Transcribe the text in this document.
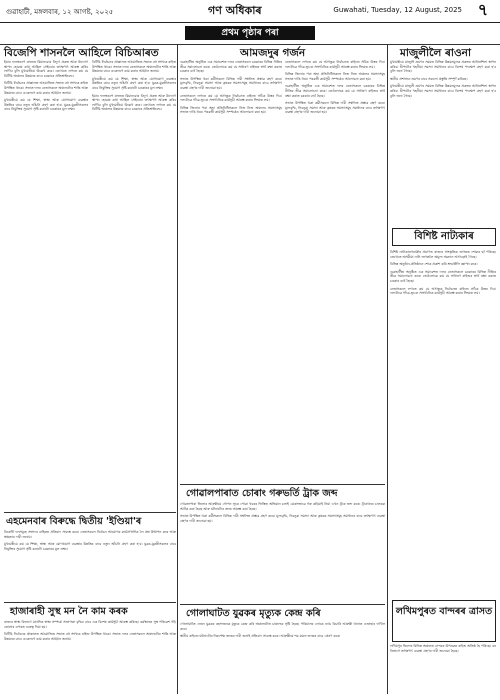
গুৱাহাটী, মঙ্গলবাৰ, ১২ আগষ্ট, ২০২৫	গণ অধিকাৰ	Guwahati, Tuesday, 12 August, 2025 ৭
প্ৰথম পৃষ্ঠাৰ পৰা
বিজেপি শাসনলৈ আহিলে বিচিআৰত

ইয়াৰ ফলস্বৰূপে ৰাজ্যত যিমানবোৰ বিদ্যুৎ প্ৰকল্প আৰু উদ্যোগ স্থাপন হোৱাৰ কথা আছিল সেইবোৰ তৎক্ষণাৎ আৰম্ভ কৰিব লাগিব বুলি মুখ্যমন্ত্ৰীয়ে উল্লেখ কৰে। তেখেতে লগতে কয় যে বিটিচি অঞ্চলৰ উন্নয়নৰ বাবে চৰকাৰে প্ৰতিশ্ৰুতিবদ্ধ।

বিটিচি নিৰ্বাচনৰ প্ৰাক্কালত আয়োজিত সভাত বহু সংখ্যক ৰাইজ উপস্থিত থাকে। সভাত দলৰ নেতাসকলে অঞ্চলটোৰ শান্তি আৰু উন্নয়নৰ বাবে একেলগে কাম কৰাৰ আহ্বান জনায়।

মুখ্যমন্ত্ৰীয়ে কয় যে শিক্ষা, স্বাস্থ্য আৰু যোগাযোগ ব্যৱস্থাৰ উন্নতিৰ বাবে নতুন আঁচনি গ্ৰহণ কৰা হ'ব। যুৱক-যুৱতীসকলৰ বাবে নিযুক্তিৰ সুযোগ সৃষ্টি কৰাটো চৰকাৰৰ মূল লক্ষ্য।

বিটিচি নিৰ্বাচনৰ প্ৰাক্কালত আয়োজিত সভাত বহু সংখ্যক ৰাইজ উপস্থিত থাকে। সভাত দলৰ নেতাসকলে অঞ্চলটোৰ শান্তি আৰু উন্নয়নৰ বাবে একেলগে কাম কৰাৰ আহ্বান জনায়।

মুখ্যমন্ত্ৰীয়ে কয় যে শিক্ষা, স্বাস্থ্য আৰু যোগাযোগ ব্যৱস্থাৰ উন্নতিৰ বাবে নতুন আঁচনি গ্ৰহণ কৰা হ'ব। যুৱক-যুৱতীসকলৰ বাবে নিযুক্তিৰ সুযোগ সৃষ্টি কৰাটো চৰকাৰৰ মূল লক্ষ্য।

ইয়াৰ ফলস্বৰূপে ৰাজ্যত যিমানবোৰ বিদ্যুৎ প্ৰকল্প আৰু উদ্যোগ স্থাপন হোৱাৰ কথা আছিল সেইবোৰ তৎক্ষণাৎ আৰম্ভ কৰিব লাগিব বুলি মুখ্যমন্ত্ৰীয়ে উল্লেখ কৰে। তেখেতে লগতে কয় যে বিটিচি অঞ্চলৰ উন্নয়নৰ বাবে চৰকাৰে প্ৰতিশ্ৰুতিবদ্ধ।

এহমেনবাৰ বিৰুদ্ধে দ্বিতীয় 'ইণ্ডিয়া'ৰ

বিৰোধী দলসমূহে সংসদৰ বাহিৰত প্ৰতিবাদ সাব্যস্ত কৰে। নেতাসকলে নিৰ্বাচন আয়োগৰ কাৰ্যপ্ৰণালীক লৈ প্ৰশ্ন উত্থাপন কৰে আৰু স্বচ্ছতাৰ দাবী জনায়।

মুখ্যমন্ত্ৰীয়ে কয় যে শিক্ষা, স্বাস্থ্য আৰু যোগাযোগ ব্যৱস্থাৰ উন্নতিৰ বাবে নতুন আঁচনি গ্ৰহণ কৰা হ'ব। যুৱক-যুৱতীসকলৰ বাবে নিযুক্তিৰ সুযোগ সৃষ্টি কৰাটো চৰকাৰৰ মূল লক্ষ্য।

হাজাৰাহী সুস্থ মন নৈ কাম কৰক

ৰাজ্যৰ স্বাস্থ্য বিভাগে মানসিক স্বাস্থ্য সম্পৰ্কে সজাগতা বৃদ্ধিৰ বাবে এক বিশেষ কাৰ্যসূচী আৰম্ভ কৰিছে। কৰ্মস্থানত সুস্থ পৰিৱেশ গঢ়ি তোলাৰ ওপৰত গুৰুত্ব দিয়া হয়।

বিটিচি নিৰ্বাচনৰ প্ৰাক্কালত আয়োজিত সভাত বহু সংখ্যক ৰাইজ উপস্থিত থাকে। সভাত দলৰ নেতাসকলে অঞ্চলটোৰ শান্তি আৰু উন্নয়নৰ বাবে একেলগে কাম কৰাৰ আহ্বান জনায়।

আমজদুৰ গৰ্জন

গুৱাহাটীত অনুষ্ঠিত এক সমাবেশত দলৰ নেতাসকলে চৰকাৰৰ বিভিন্ন নীতিৰ তীব্ৰ সমালোচনা কৰে। তেওঁলোকে কয় যে সাধাৰণ ৰাইজৰ স্বাৰ্থ ৰক্ষা কৰাত চৰকাৰ ব্যৰ্থ হৈছে।

সভাত উপস্থিত থকা কৰ্মীসকলে বিভিন্ন দাবী সম্বলিত প্ৰস্তাৱ গ্ৰহণ কৰে। মূল্যবৃদ্ধি, নিবনুৱা সমস্যা আৰু কৃষকৰ সমস্যাসমূহ সমাধানৰ বাবে তৎক্ষণাৎ ব্যৱস্থা গ্ৰহণৰ দাবী জনোৱা হয়।

নেতাসকলে লগতে কয় যে আগন্তুক নিৰ্বাচনত ৰাইজে সঠিক উত্তৰ দিব। দলটোৱে গাঁৱে-ভূঞে সাংগঠনিক কাৰ্যসূচী আৰম্ভ কৰাৰ সিদ্ধান্ত লয়।

বিভিন্ন জিলাৰ পৰা অহা প্ৰতিনিধিসকলে নিজ নিজ অঞ্চলৰ সমস্যাসমূহ সভাত দাঙি ধৰে। পৰৱৰ্তী কাৰ্যসূচী সম্পৰ্কেও আলোচনা কৰা হয়।

নেতাসকলে লগতে কয় যে আগন্তুক নিৰ্বাচনত ৰাইজে সঠিক উত্তৰ দিব। দলটোৱে গাঁৱে-ভূঞে সাংগঠনিক কাৰ্যসূচী আৰম্ভ কৰাৰ সিদ্ধান্ত লয়।

বিভিন্ন জিলাৰ পৰা অহা প্ৰতিনিধিসকলে নিজ নিজ অঞ্চলৰ সমস্যাসমূহ সভাত দাঙি ধৰে। পৰৱৰ্তী কাৰ্যসূচী সম্পৰ্কেও আলোচনা কৰা হয়।

গুৱাহাটীত অনুষ্ঠিত এক সমাবেশত দলৰ নেতাসকলে চৰকাৰৰ বিভিন্ন নীতিৰ তীব্ৰ সমালোচনা কৰে। তেওঁলোকে কয় যে সাধাৰণ ৰাইজৰ স্বাৰ্থ ৰক্ষা কৰাত চৰকাৰ ব্যৰ্থ হৈছে।

সভাত উপস্থিত থকা কৰ্মীসকলে বিভিন্ন দাবী সম্বলিত প্ৰস্তাৱ গ্ৰহণ কৰে। মূল্যবৃদ্ধি, নিবনুৱা সমস্যা আৰু কৃষকৰ সমস্যাসমূহ সমাধানৰ বাবে তৎক্ষণাৎ ব্যৱস্থা গ্ৰহণৰ দাবী জনোৱা হয়।

গোৱালপাৰাত চোৰাং গৰুভৰ্তি ট্ৰাক জব্দ

গোৱালপাৰা জিলাৰ আৰক্ষীয়ে গোপন সূত্ৰে পোৱা খবৰৰ ভিত্তিত অভিযান চলাই চোৰাংভাৱে গৰু কঢ়িয়াই নিয়া এখন ট্ৰাক জব্দ কৰে। ট্ৰাকখনৰ চালকক আটক কৰা হৈছে আৰু ঘটনাটোৰ তদন্ত আৰম্ভ কৰা হৈছে।

সভাত উপস্থিত থকা কৰ্মীসকলে বিভিন্ন দাবী সম্বলিত প্ৰস্তাৱ গ্ৰহণ কৰে। মূল্যবৃদ্ধি, নিবনুৱা সমস্যা আৰু কৃষকৰ সমস্যাসমূহ সমাধানৰ বাবে তৎক্ষণাৎ ব্যৱস্থা গ্ৰহণৰ দাবী জনোৱা হয়।

গোলাঘাটত যুৱকৰ মৃত্যুক কেন্দ্ৰ কৰি

গোলাঘাটত এজন যুৱকৰ ৰহস্যজনক মৃত্যুক কেন্দ্ৰ কৰি অঞ্চলটোত চাঞ্চল্যৰ সৃষ্টি হৈছে। পৰিয়ালৰ লোকে ন্যায় বিচাৰি আৰক্ষী থানাত এজাহাৰ দাখিল কৰে।

স্থানীয় ৰাইজে ঘটনাটোৰ নিৰপেক্ষ তদন্তৰ দাবী জনাই প্ৰতিবাদ সাব্যস্ত কৰে। আৰক্ষীয়ে শৱ ময়না তদন্তৰ বাবে প্ৰেৰণ কৰে।

মাজুলীলৈ ৰাওনা

মুখ্যমন্ত্ৰীয়ে মাজুলী ভ্ৰমণৰ সময়ত বিভিন্ন উন্নয়নমূলক প্ৰকল্পৰ আধাৰশিলা স্থাপন কৰিব। দ্বীপটোৰ খহনীয়া সমস্যা সমাধানৰ বাবে বিশেষ পদক্ষেপ গ্ৰহণ কৰা হ'ব বুলি জনা গৈছে।

স্থানীয় প্ৰশাসনে ভ্ৰমণৰ বাবে সকলো প্ৰস্তুতি সম্পূৰ্ণ কৰিছে।

মুখ্যমন্ত্ৰীয়ে মাজুলী ভ্ৰমণৰ সময়ত বিভিন্ন উন্নয়নমূলক প্ৰকল্পৰ আধাৰশিলা স্থাপন কৰিব। দ্বীপটোৰ খহনীয়া সমস্যা সমাধানৰ বাবে বিশেষ পদক্ষেপ গ্ৰহণ কৰা হ'ব বুলি জনা গৈছে।

বিশিষ্ট নাট্যকাৰ

বিশিষ্ট নাট্যকাৰগৰাকীৰ প্ৰয়াণত ৰাজ্যৰ সাংস্কৃতিক জগতত শোকৰ ছাঁ পৰিছে। তেখেতে অসমীয়া নাট্য জগতলৈ অমূল্য অৱদান আগবঢ়াই গৈছে।

বিভিন্ন অনুষ্ঠান-প্ৰতিষ্ঠানে শোক প্ৰকাশ কৰি শ্ৰদ্ধাঞ্জলি জ্ঞাপন কৰে।

গুৱাহাটীত অনুষ্ঠিত এক সমাবেশত দলৰ নেতাসকলে চৰকাৰৰ বিভিন্ন নীতিৰ তীব্ৰ সমালোচনা কৰে। তেওঁলোকে কয় যে সাধাৰণ ৰাইজৰ স্বাৰ্থ ৰক্ষা কৰাত চৰকাৰ ব্যৰ্থ হৈছে।

নেতাসকলে লগতে কয় যে আগন্তুক নিৰ্বাচনত ৰাইজে সঠিক উত্তৰ দিব। দলটোৱে গাঁৱে-ভূঞে সাংগঠনিক কাৰ্যসূচী আৰম্ভ কৰাৰ সিদ্ধান্ত লয়।

লখিমপুৰত বান্দৰৰ ত্ৰাসত

লখিমপুৰ জিলাৰ বিভিন্ন অঞ্চলত বান্দৰৰ উপদ্ৰৱত ৰাইজ অতিষ্ঠ হৈ পৰিছে। বন বিভাগে তৎক্ষণাৎ ব্যৱস্থা গ্ৰহণৰ দাবী জনোৱা হৈছে।
